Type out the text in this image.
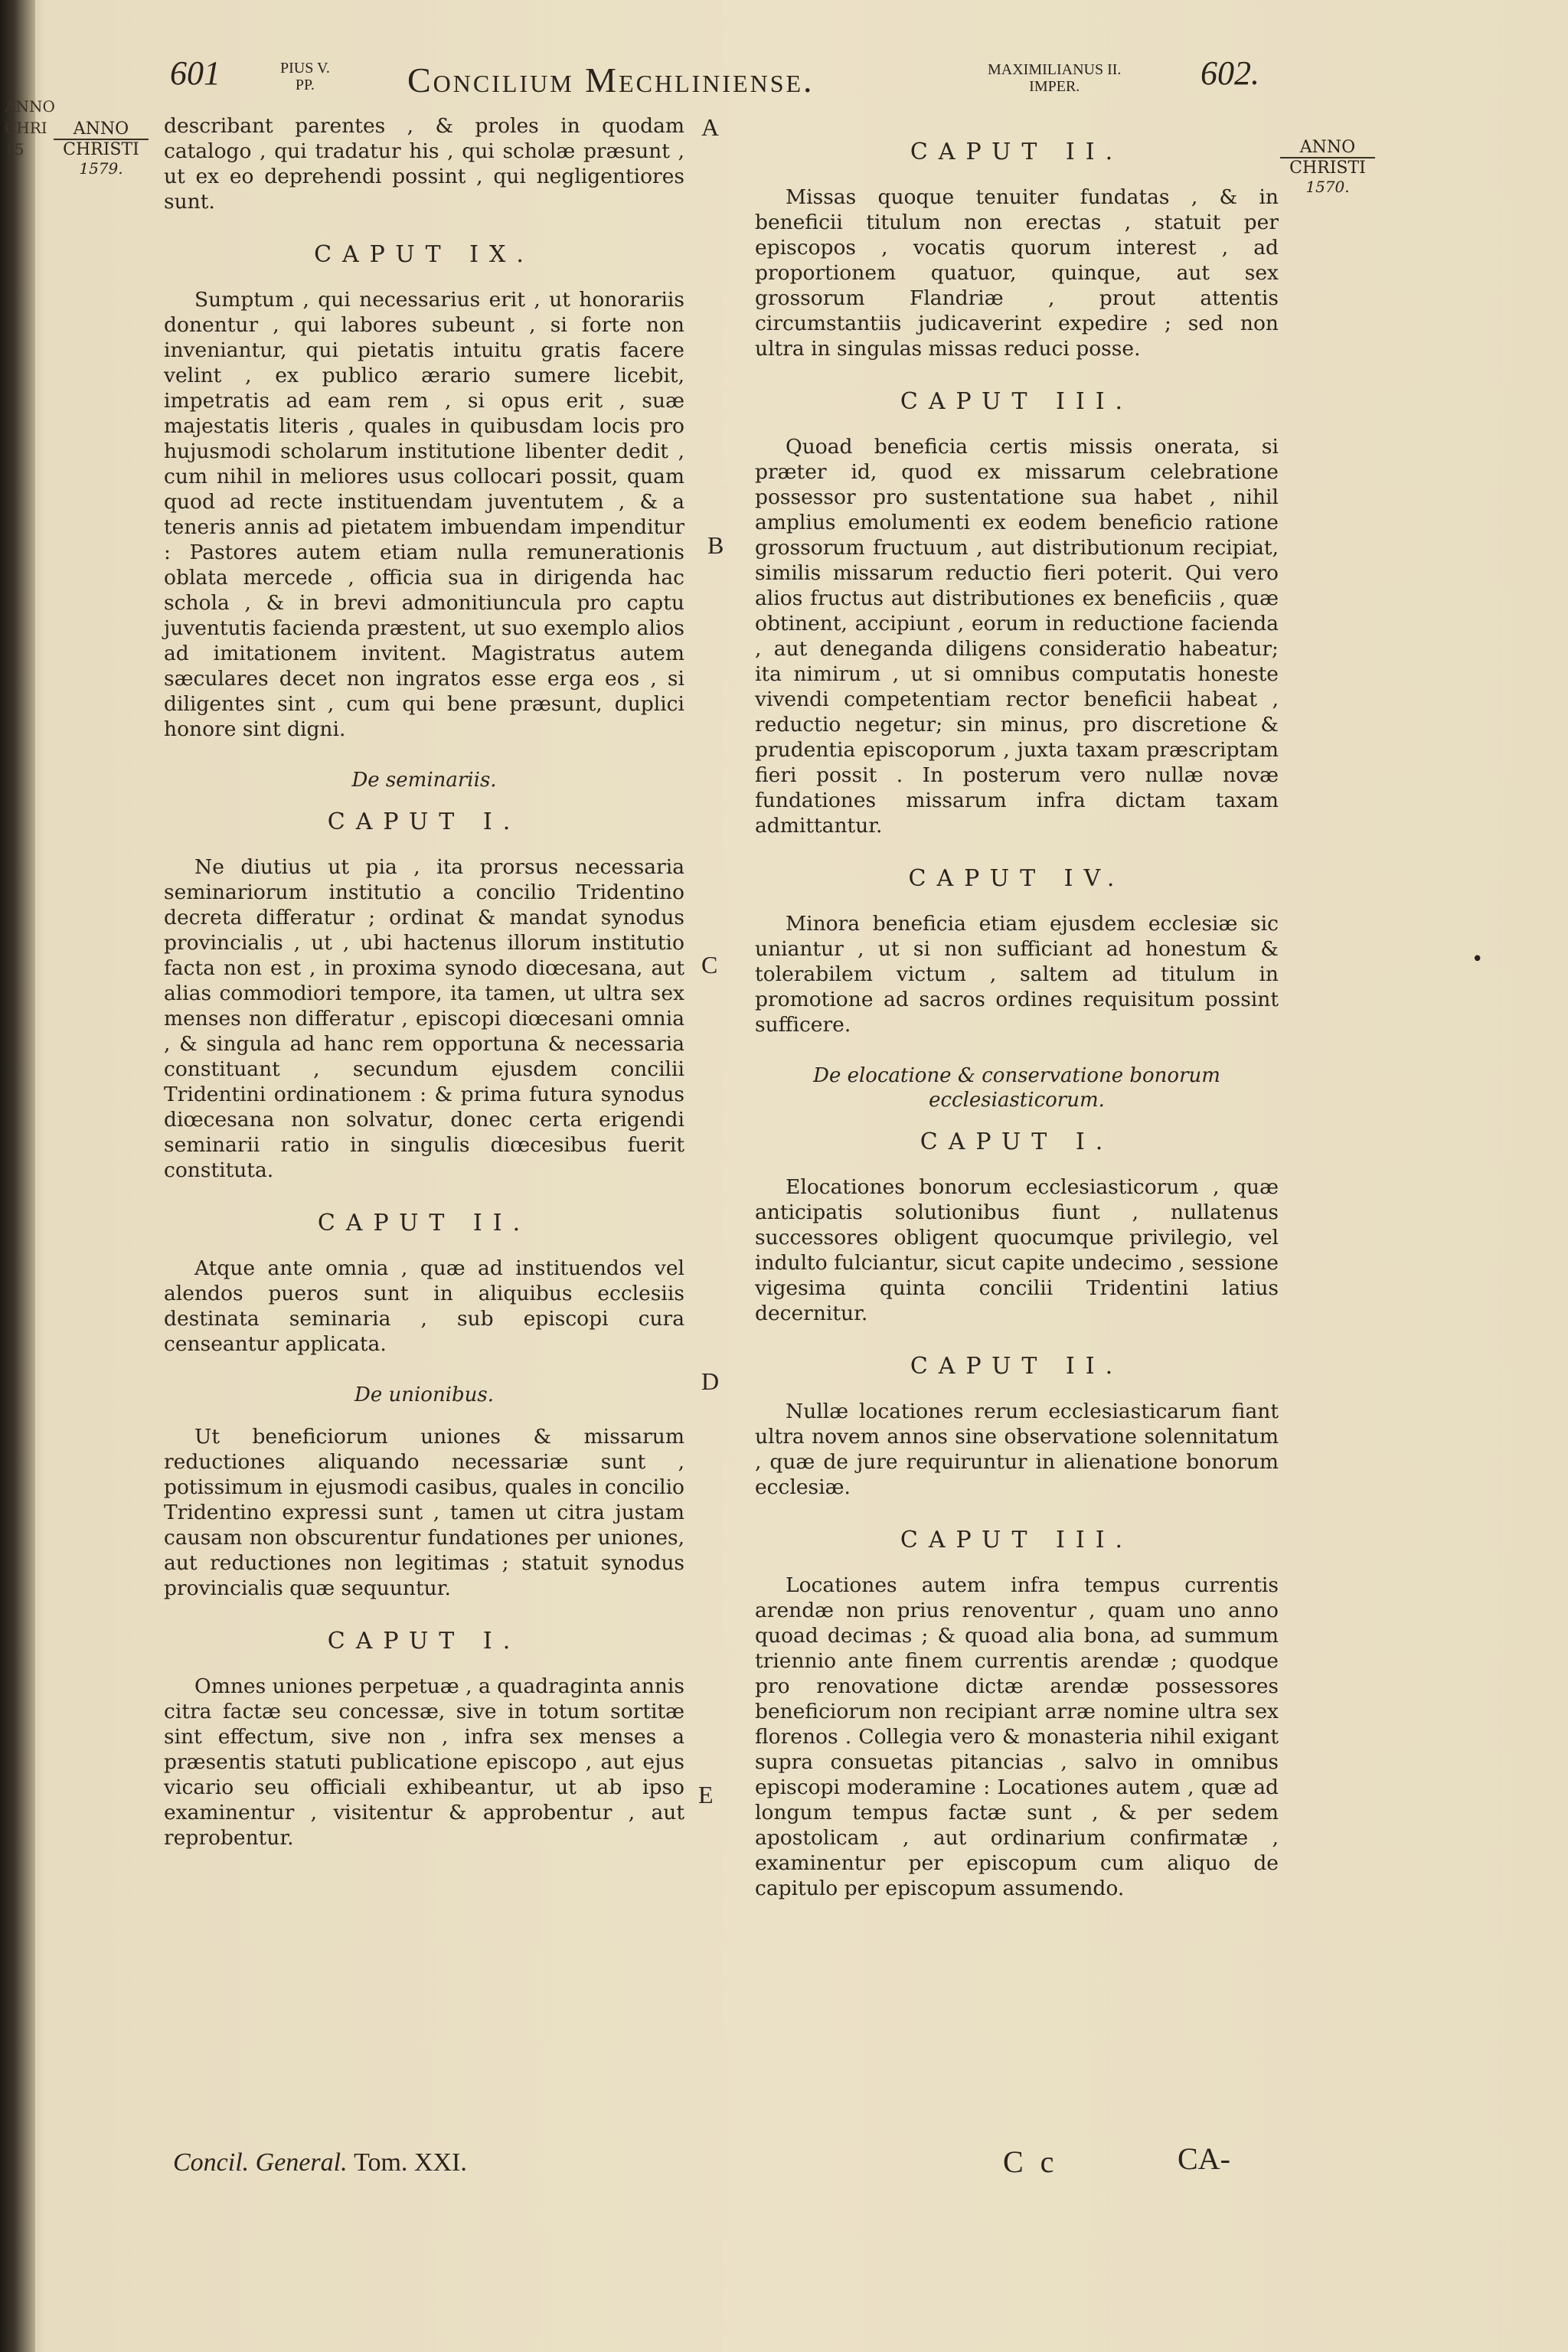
ANNO
CHRI
15
601	PIUS V.
PP.	Concilium Mechliniense.	MAXIMILIANUS II.
IMPER.	602.
ANNO
CHRISTI
1579.
ANNO
CHRISTI
1570.
A
B
C
D
E

describant parentes , & proles in quodam catalogo , qui tradatur his , qui scholæ præsunt , ut ex eo deprehendi possint , qui negligentiores sunt.

CAPUT IX.

Sumptum , qui necessarius erit , ut honorariis donentur , qui labores subeunt , si forte non inveniantur, qui pietatis intuitu gratis facere velint , ex publico ærario sumere licebit, impetratis ad eam rem , si opus erit , suæ majestatis literis , quales in quibusdam locis pro hujusmodi scholarum institutione libenter dedit , cum nihil in meliores usus collocari possit, quam quod ad recte instituendam juventutem , & a teneris annis ad pietatem imbuendam impenditur : Pastores autem etiam nulla remunerationis oblata mercede , officia sua in dirigenda hac schola , & in brevi admonitiuncula pro captu juventutis facienda præstent, ut suo exemplo alios ad imitationem invitent. Magistratus autem sæculares decet non ingratos esse erga eos , si diligentes sint , cum qui bene præsunt, duplici honore sint digni.

De seminariis.
CAPUT I.

Ne diutius ut pia , ita prorsus necessaria seminariorum institutio a concilio Tridentino decreta differatur ; ordinat & mandat synodus provincialis , ut , ubi hactenus illorum institutio facta non est , in proxima synodo diœcesana, aut alias commodiori tempore, ita tamen, ut ultra sex menses non differatur , episcopi diœcesani omnia , & singula ad hanc rem opportuna & necessaria constituant , secundum ejusdem concilii Tridentini ordinationem : & prima futura synodus diœcesana non solvatur, donec certa erigendi seminarii ratio in singulis diœcesibus fuerit constituta.

CAPUT II.

Atque ante omnia , quæ ad instituendos vel alendos pueros sunt in aliquibus ecclesiis destinata seminaria , sub episcopi cura censeantur applicata.

De unionibus.

Ut beneficiorum uniones & missarum reductiones aliquando necessariæ sunt , potissimum in ejusmodi casibus, quales in concilio Tridentino expressi sunt , tamen ut citra justam causam non obscurentur fundationes per uniones, aut reductiones non legitimas ; statuit synodus provincialis quæ sequuntur.

CAPUT I.

Omnes uniones perpetuæ , a quadraginta annis citra factæ seu concessæ, sive in totum sortitæ sint effectum, sive non , infra sex menses a præsentis statuti publicatione episcopo , aut ejus vicario seu officiali exhibeantur, ut ab ipso examinentur , visitentur & approbentur , aut reprobentur.

CAPUT II.

Missas quoque tenuiter fundatas , & in beneficii titulum non erectas , statuit per episcopos , vocatis quorum interest , ad proportionem quatuor, quinque, aut sex grossorum Flandriæ , prout attentis circumstantiis judicaverint expedire ; sed non ultra in singulas missas reduci posse.

CAPUT III.

Quoad beneficia certis missis onerata, si præter id, quod ex missarum celebratione possessor pro sustentatione sua habet , nihil amplius emolumenti ex eodem beneficio ratione grossorum fructuum , aut distributionum recipiat, similis missarum reductio fieri poterit. Qui vero alios fructus aut distributiones ex beneficiis , quæ obtinent, accipiunt , eorum in reductione facienda , aut deneganda diligens consideratio habeatur; ita nimirum , ut si omnibus computatis honeste vivendi competentiam rector beneficii habeat , reductio negetur; sin minus, pro discretione & prudentia episcoporum , juxta taxam præscriptam fieri possit . In posterum vero nullæ novæ fundationes missarum infra dictam taxam admittantur.

CAPUT IV.

Minora beneficia etiam ejusdem ecclesiæ sic uniantur , ut si non sufficiant ad honestum & tolerabilem victum , saltem ad titulum in promotione ad sacros ordines requisitum possint sufficere.

De elocatione & conservatione bonorum
ecclesiasticorum.
CAPUT I.

Elocationes bonorum ecclesiasticorum , quæ anticipatis solutionibus fiunt , nullatenus successores obligent quocumque privilegio, vel indulto fulciantur, sicut capite undecimo , sessione vigesima quinta concilii Tridentini latius decernitur.

CAPUT II.

Nullæ locationes rerum ecclesiasticarum fiant ultra novem annos sine observatione solennitatum , quæ de jure requiruntur in alienatione bonorum ecclesiæ.

CAPUT III.

Locationes autem infra tempus currentis arendæ non prius renoventur , quam uno anno quoad decimas ; & quoad alia bona, ad summum triennio ante finem currentis arendæ ; quodque pro renovatione dictæ arendæ possessores beneficiorum non recipiant arræ nomine ultra sex florenos . Collegia vero & monasteria nihil exigant supra consuetas pitancias , salvo in omnibus episcopi moderamine : Locationes autem , quæ ad longum tempus factæ sunt , & per sedem apostolicam , aut ordinarium confirmatæ , examinentur per episcopum cum aliquo de capitulo per episcopum assumendo.

•
Concil. General. Tom. XXI.	C c	CA-
